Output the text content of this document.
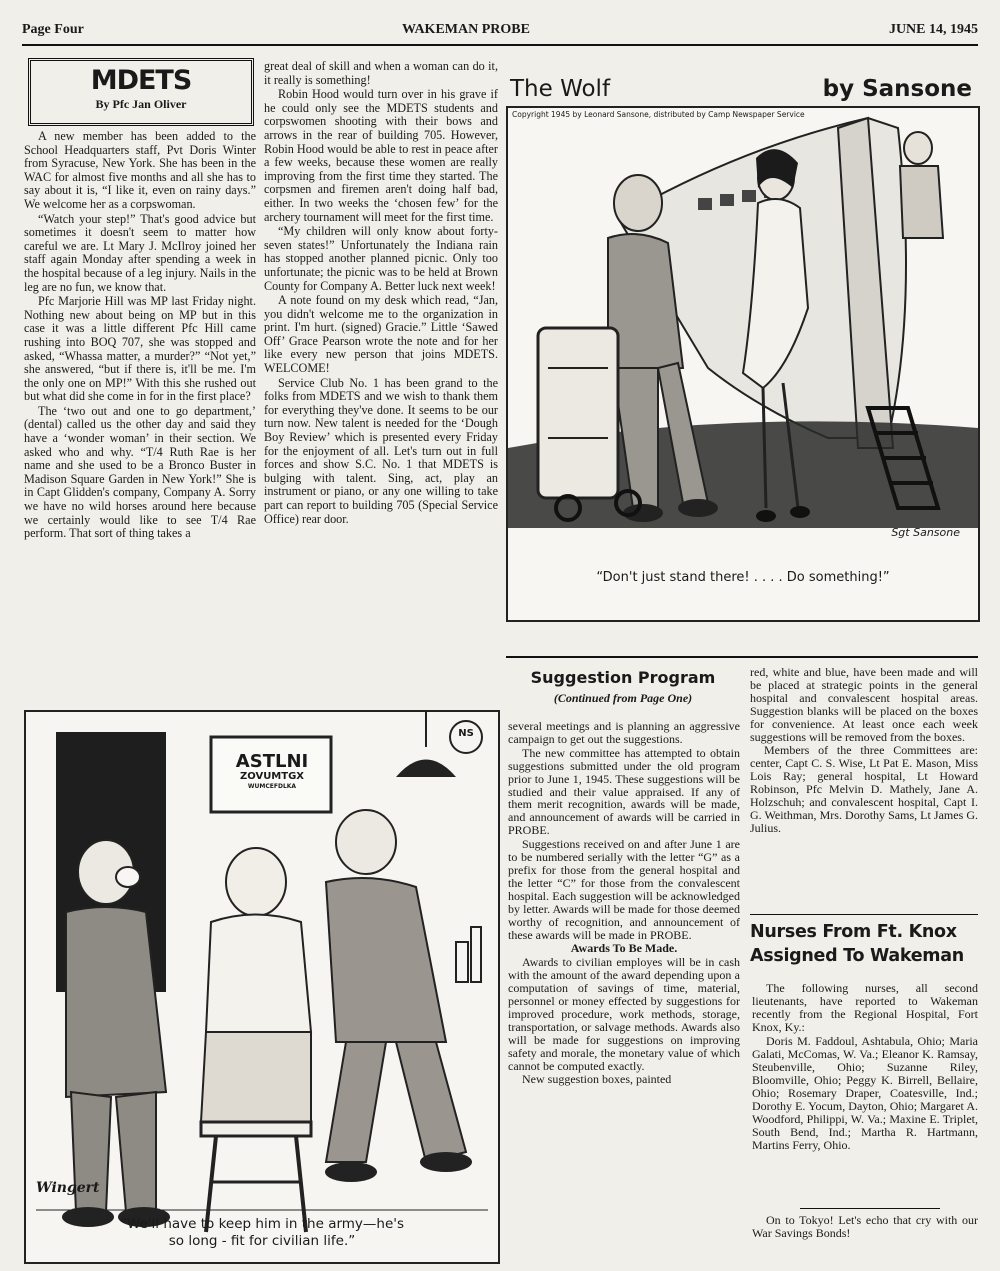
Page Four	WAKEMAN PROBE	JUNE 14, 1945
MDETS
By Pfc Jan Oliver

A new member has been added to the School Headquarters staff, Pvt Doris Winter from Syracuse, New York. She has been in the WAC for almost five months and all she has to say about it is, “I like it, even on rainy days.” We welcome her as a corpswoman.

“Watch your step!” That's good advice but sometimes it doesn't seem to matter how careful we are. Lt Mary J. McIlroy joined her staff again Monday after spending a week in the hospital because of a leg injury. Nails in the leg are no fun, we know that.

Pfc Marjorie Hill was MP last Friday night. Nothing new about being on MP but in this case it was a little different Pfc Hill came rushing into BOQ 707, she was stopped and asked, “Whassa matter, a murder?” “Not yet,” she answered, “but if there is, it'll be me. I'm the only one on MP!” With this she rushed out but what did she come in for in the first place?

The ‘two out and one to go department,’ (dental) called us the other day and said they have a ‘wonder woman’ in their section. We asked who and why. “T/4 Ruth Rae is her name and she used to be a Bronco Buster in Madison Square Garden in New York!” She is in Capt Glidden's company, Company A. Sorry we have no wild horses around here because we certainly would like to see T/4 Rae perform. That sort of thing takes a

great deal of skill and when a woman can do it, it really is something!

Robin Hood would turn over in his grave if he could only see the MDETS students and corpswomen shooting with their bows and arrows in the rear of building 705. However, Robin Hood would be able to rest in peace after a few weeks, because these women are really improving from the first time they started. The corpsmen and firemen aren't doing half bad, either. In two weeks the ‘chosen few’ for the archery tournament will meet for the first time.

“My children will only know about forty-seven states!” Unfortunately the Indiana rain has stopped another planned picnic. Only too unfortunate; the picnic was to be held at Brown County for Company A. Better luck next week!

A note found on my desk which read, “Jan, you didn't welcome me to the organization in print. I'm hurt. (signed) Gracie.” Little ‘Sawed Off’ Grace Pearson wrote the note and for her like every new person that joins MDETS. WELCOME!

Service Club No. 1 has been grand to the folks from MDETS and we wish to thank them for everything they've done. It seems to be our turn now. New talent is needed for the ‘Dough Boy Review’ which is presented every Friday for the enjoyment of all. Let's turn out in full forces and show S.C. No. 1 that MDETS is bulging with talent. Sing, act, play an instrument or piano, or any one willing to take part can report to building 705 (Special Service Office) rear door.

The Wolf	by Sansone
Copyright 1945 by Leonard Sansone, distributed by Camp Newspaper Service
Sgt Sansone
“Don't just stand there! . . . . Do something!”
ASTLNI
ZOVUMTGX
WUMCEFDLKA
NS
Wingert
“We'll have to keep him in the army—he's
so long - fit for civilian life.”
Suggestion Program
(Continued from Page One)

several meetings and is planning an aggressive campaign to get out the suggestions.

The new committee has attempted to obtain suggestions submitted under the old program prior to June 1, 1945. These suggestions will be studied and their value appraised. If any of them merit recognition, awards will be made, and announcement of awards will be carried in PROBE.

Suggestions received on and after June 1 are to be numbered serially with the letter “G” as a prefix for those from the general hospital and the letter “C” for those from the convalescent hospital. Each suggestion will be acknowledged by letter. Awards will be made for those deemed worthy of recognition, and announcement of these awards will be made in PROBE.

Awards To Be Made.

Awards to civilian employes will be in cash with the amount of the award depending upon a computation of savings of time, material, personnel or money effected by suggestions for improved procedure, work methods, storage, transportation, or salvage methods. Awards also will be made for suggestions on improving safety and morale, the monetary value of which cannot be computed exactly.

New suggestion boxes, painted

red, white and blue, have been made and will be placed at strategic points in the general hospital and convalescent hospital areas. Suggestion blanks will be placed on the boxes for convenience. At least once each week suggestions will be removed from the boxes.

Members of the three Committees are: center, Capt C. S. Wise, Lt Pat E. Mason, Miss Lois Ray; general hospital, Lt Howard Robinson, Pfc Melvin D. Mathely, Jane A. Holzschuh; and convalescent hospital, Capt I. G. Weithman, Mrs. Dorothy Sams, Lt James G. Julius.

Nurses From Ft. Knox
Assigned To Wakeman

The following nurses, all second lieutenants, have reported to Wakeman recently from the Regional Hospital, Fort Knox, Ky.:

Doris M. Faddoul, Ashtabula, Ohio; Maria Galati, McComas, W. Va.; Eleanor K. Ramsay, Steubenville, Ohio; Suzanne Riley, Bloomville, Ohio; Peggy K. Birrell, Bellaire, Ohio; Rosemary Draper, Coatesville, Ind.; Dorothy E. Yocum, Dayton, Ohio; Margaret A. Woodford, Philippi, W. Va.; Maxine E. Triplet, South Bend, Ind.; Martha R. Hartmann, Martins Ferry, Ohio.

On to Tokyo! Let's echo that cry with our War Savings Bonds!
